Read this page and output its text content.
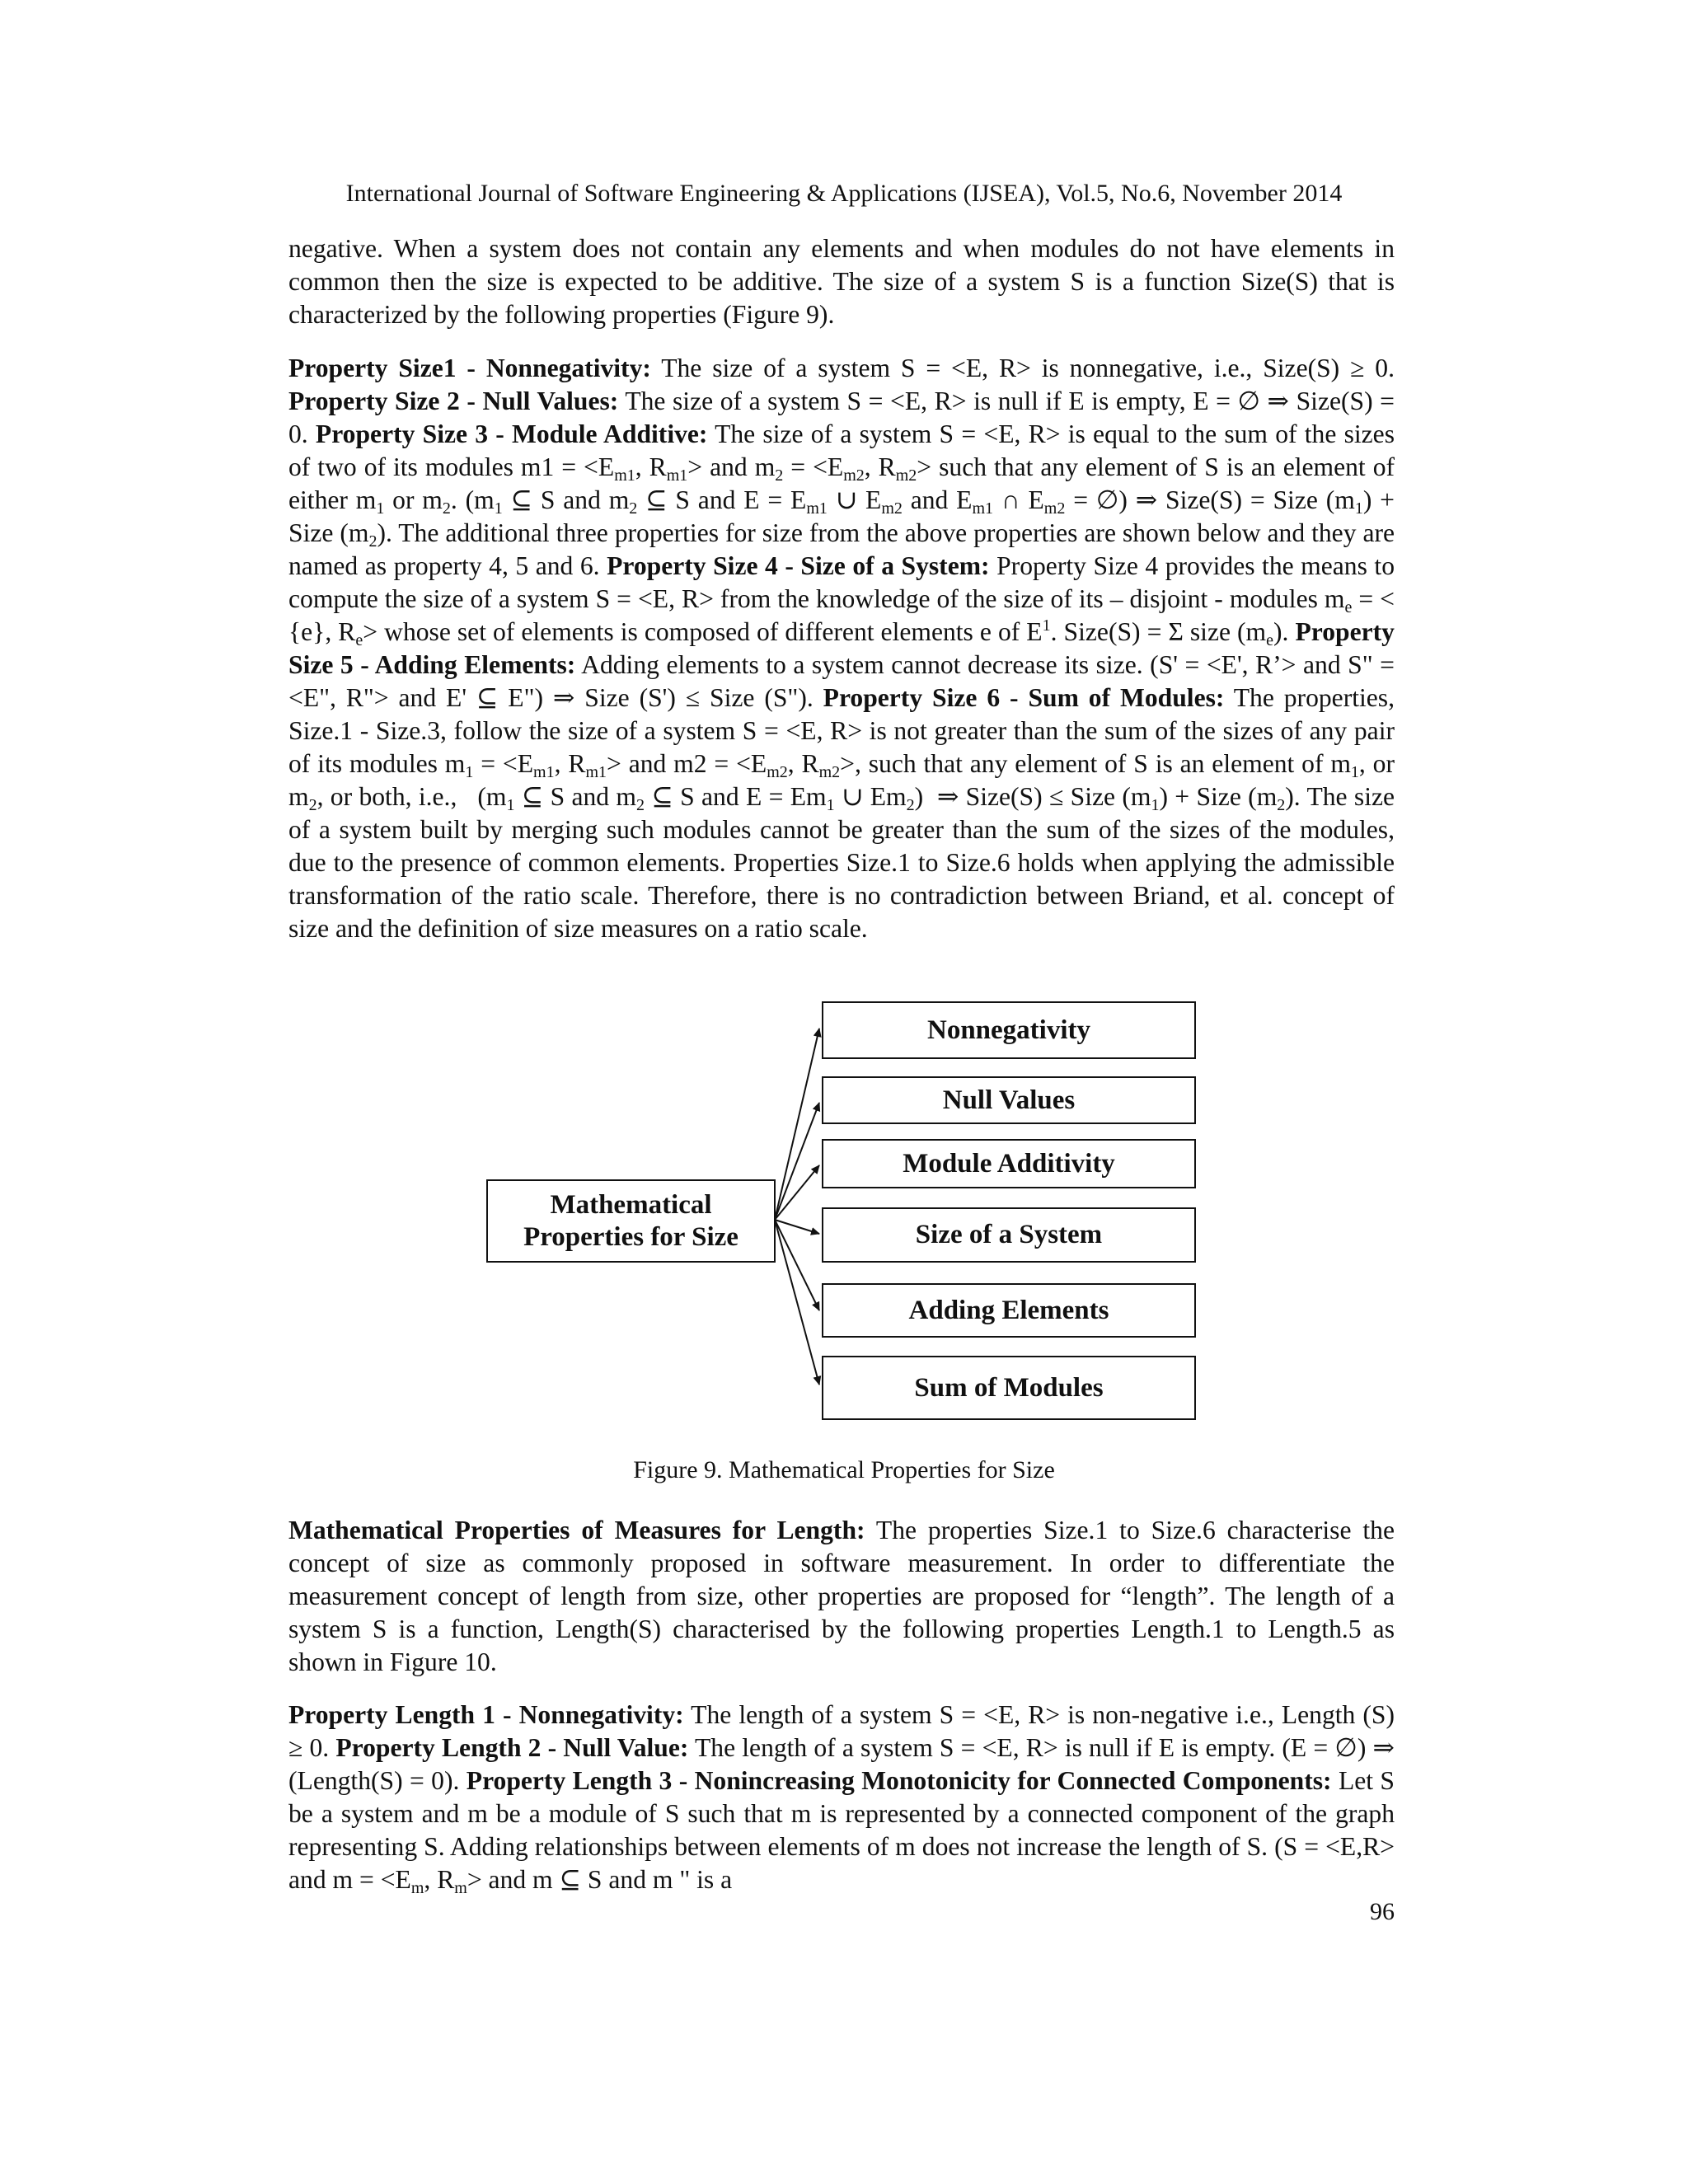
International Journal of Software Engineering & Applications (IJSEA), Vol.5, No.6, November 2014
negative. When a system does not contain any elements and when modules do not have elements in common then the size is expected to be additive. The size of a system S is a function Size(S) that is characterized by the following properties (Figure 9).
Property Size1 - Nonnegativity: The size of a system S = <E, R> is nonnegative, i.e., Size(S) ≥ 0. Property Size 2 - Null Values: The size of a system S = <E, R> is null if E is empty, E = ∅ ⇒ Size(S) = 0. Property Size 3 - Module Additive: The size of a system S = <E, R> is equal to the sum of the sizes of two of its modules $m1 = <E_{m1}$, $R_{m1}>$ and $m_2 = <E_{m2}$, $R_{m2}>$ such that any element of S is an element of either $m_1$ or $m_2$. ($m_1$ ⊆ S and $m_2$ ⊆ S and $E = E_{m1}$ ∪ $E_{m2}$ and $E_{m1}$ ∩ $E_{m2}$ = ∅) ⇒ Size(S) = Size $(m_1)$ + Size $(m_2)$. The additional three properties for size from the above properties are shown below and they are named as property 4, 5 and 6. Property Size 4 - Size of a System: Property Size 4 provides the means to compute the size of a system S = <E, R> from the knowledge of the size of its – disjoint - modules $m_e$ = < {e}, $R_e>$ whose set of elements is composed of different elements e of $E^1$. Size(S) = Σ size $(m_e)$. Property Size 5 - Adding Elements: Adding elements to a system cannot decrease its size. (S' = <E', R’> and S" = <E", R"> and E' ⊆ E") ⇒ Size (S') ≤ Size (S"). Property Size 6 - Sum of Modules: The properties, Size.1 - Size.3, follow the size of a system S = <E, R> is not greater than the sum of the sizes of any pair of its modules $m_1 = <E_{m1}$, $R_{m1}>$ and $m2 = <E_{m2}$, $R_{m2}>$, such that any element of S is an element of $m_1$, or $m_2$, or both, i.e.,   ($m_1$ ⊆ S and $m_2$ ⊆ S and $E = Em_1$ ∪ $Em_2$)  ⇒ Size(S) ≤ Size $(m_1)$ + Size $(m_2)$. The size of a system built by merging such modules cannot be greater than the sum of the sizes of the modules, due to the presence of common elements. Properties Size.1 to Size.6 holds when applying the admissible transformation of the ratio scale. Therefore, there is no contradiction between Briand, et al. concept of size and the definition of size measures on a ratio scale.
Mathematical Properties for Size
Nonnegativity
Null Values
Module Additivity
Size of a System
Adding Elements
Sum of Modules
Figure 9. Mathematical Properties for Size
Mathematical Properties of Measures for Length: The properties Size.1 to Size.6 characterise the concept of size as commonly proposed in software measurement. In order to differentiate the measurement concept of length from size, other properties are proposed for “length”. The length of a system S is a function, Length(S) characterised by the following properties Length.1 to Length.5 as shown in Figure 10.
Property Length 1 - Nonnegativity: The length of a system S = <E, R> is non-negative i.e., Length (S) ≥ 0. Property Length 2 - Null Value: The length of a system S = <E, R> is null if E is empty. (E = ∅) ⇒ (Length(S) = 0). Property Length 3 - Nonincreasing Monotonicity for Connected Components: Let S be a system and m be a module of S such that m is represented by a connected component of the graph representing S. Adding relationships between elements of m does not increase the length of S. (S = <E,R> and $m = <E_m$, $R_m>$ and m ⊆ S and m " is a
96
